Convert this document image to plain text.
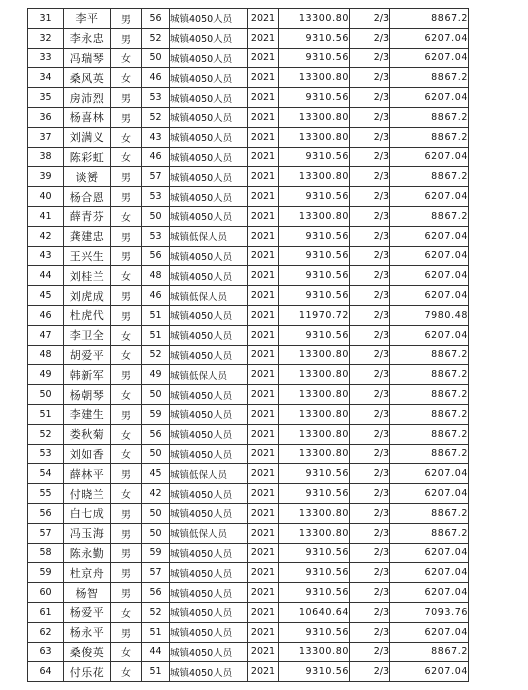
31	李平	男	56	城镇4050人员	2021	13300.80	2/3	8867.2
32	李永忠	男	52	城镇4050人员	2021	9310.56	2/3	6207.04
33	冯瑞琴	女	50	城镇4050人员	2021	9310.56	2/3	6207.04
34	桑风英	女	46	城镇4050人员	2021	13300.80	2/3	8867.2
35	房沛烈	男	53	城镇4050人员	2021	9310.56	2/3	6207.04
36	杨喜林	男	52	城镇4050人员	2021	13300.80	2/3	8867.2
37	刘满义	女	43	城镇4050人员	2021	13300.80	2/3	8867.2
38	陈彩虹	女	46	城镇4050人员	2021	9310.56	2/3	6207.04
39	谈赟	男	57	城镇4050人员	2021	13300.80	2/3	8867.2
40	杨合恩	男	53	城镇4050人员	2021	9310.56	2/3	6207.04
41	薛青芬	女	50	城镇4050人员	2021	13300.80	2/3	8867.2
42	龚建忠	男	53	城镇低保人员	2021	9310.56	2/3	6207.04
43	王兴生	男	56	城镇4050人员	2021	9310.56	2/3	6207.04
44	刘桂兰	女	48	城镇4050人员	2021	9310.56	2/3	6207.04
45	刘虎成	男	46	城镇低保人员	2021	9310.56	2/3	6207.04
46	杜虎代	男	51	城镇4050人员	2021	11970.72	2/3	7980.48
47	李卫全	女	51	城镇4050人员	2021	9310.56	2/3	6207.04
48	胡爱平	女	52	城镇4050人员	2021	13300.80	2/3	8867.2
49	韩新军	男	49	城镇低保人员	2021	13300.80	2/3	8867.2
50	杨朝琴	女	50	城镇4050人员	2021	13300.80	2/3	8867.2
51	李建生	男	59	城镇4050人员	2021	13300.80	2/3	8867.2
52	娄秋菊	女	56	城镇4050人员	2021	13300.80	2/3	8867.2
53	刘如香	女	50	城镇4050人员	2021	13300.80	2/3	8867.2
54	薛林平	男	45	城镇低保人员	2021	9310.56	2/3	6207.04
55	付晓兰	女	42	城镇4050人员	2021	9310.56	2/3	6207.04
56	白七成	男	50	城镇4050人员	2021	13300.80	2/3	8867.2
57	冯玉海	男	50	城镇低保人员	2021	13300.80	2/3	8867.2
58	陈永勤	男	59	城镇4050人员	2021	9310.56	2/3	6207.04
59	杜京舟	男	57	城镇4050人员	2021	9310.56	2/3	6207.04
60	杨智	男	56	城镇4050人员	2021	9310.56	2/3	6207.04
61	杨爱平	女	52	城镇4050人员	2021	10640.64	2/3	7093.76
62	杨永平	男	51	城镇4050人员	2021	9310.56	2/3	6207.04
63	桑俊英	女	44	城镇4050人员	2021	13300.80	2/3	8867.2
64	付乐花	女	51	城镇4050人员	2021	9310.56	2/3	6207.04
